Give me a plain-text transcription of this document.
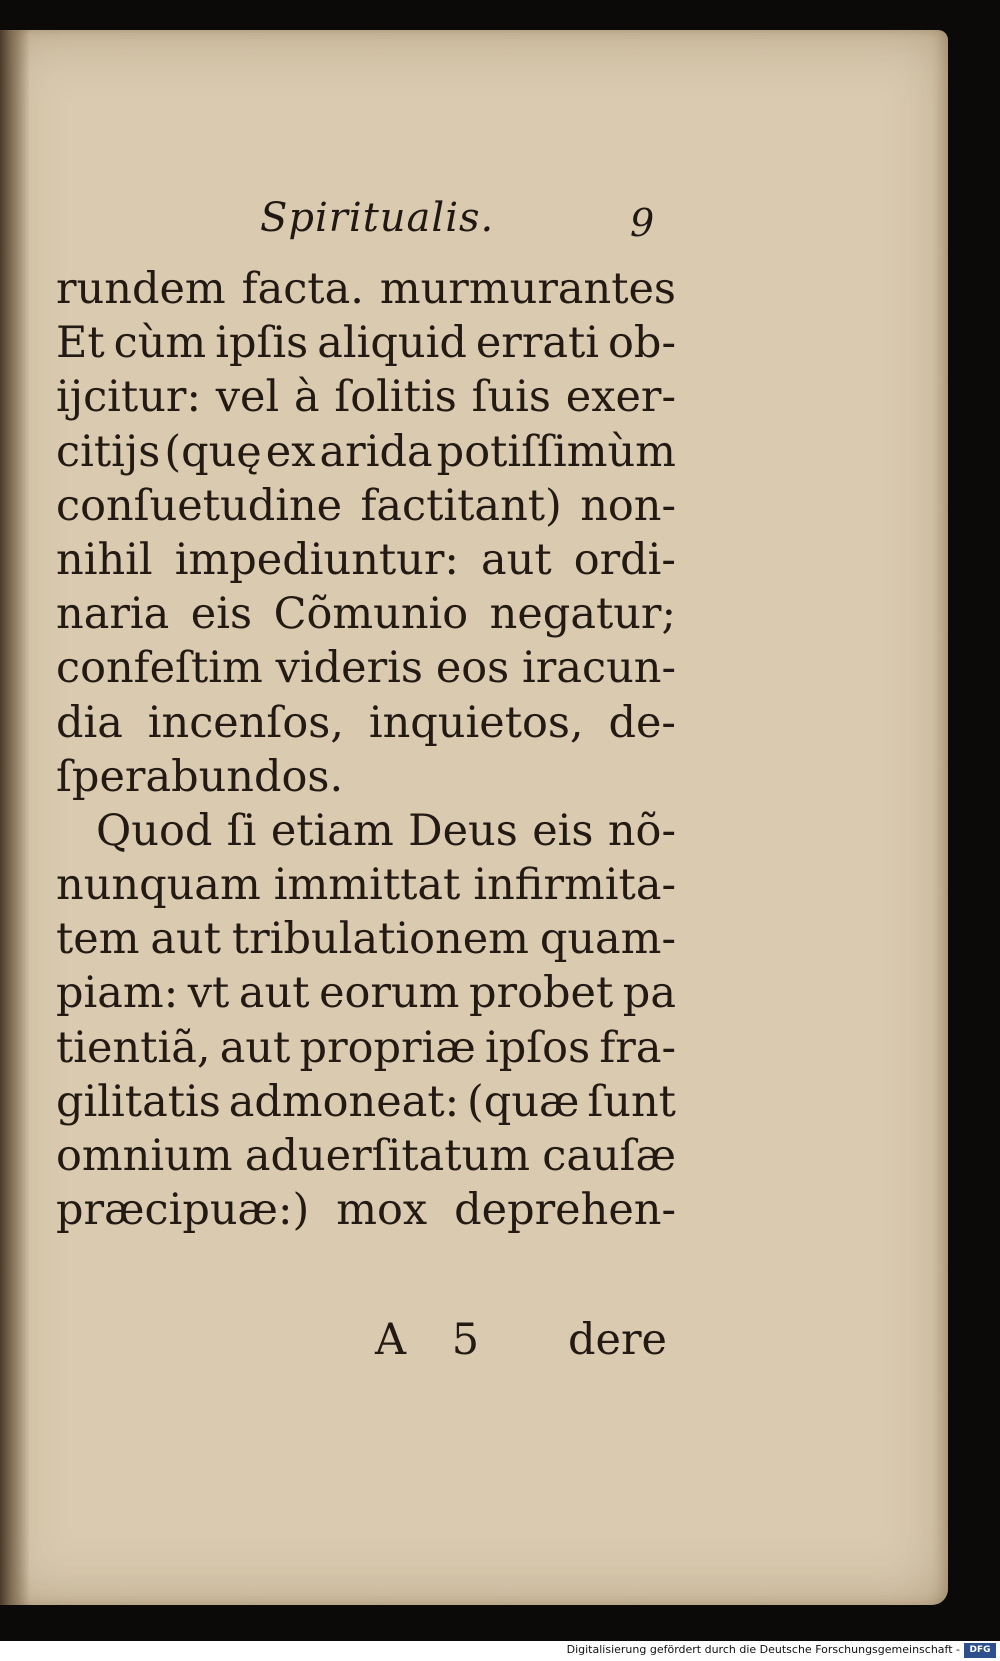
Spiritualis.	9
rundem facta. murmurantes
Et cùm ipſis aliquid errati ob-
ijcitur: vel à ſolitis ſuis exer-
citijs (quę ex arida potiſſimùm
conſuetudine factitant) non-
nihil impediuntur: aut ordi-
naria eis Cõmunio negatur;
confeſtim videris eos iracun-
dia incenſos, inquietos, de-
ſperabundos.
Quod ſi etiam Deus eis nõ-
nunquam immittat infirmita-
tem aut tribulationem quam-
piam: vt aut eorum probet pa
tientiã, aut propriæ ipſos fra-
gilitatis admoneat: (quæ ſunt
omnium aduerſitatum cauſæ
præcipuæ:) mox deprehen-
A 5 dere
Digitalisierung gefördert durch die Deutsche Forschungsgemeinschaft -	DFG
